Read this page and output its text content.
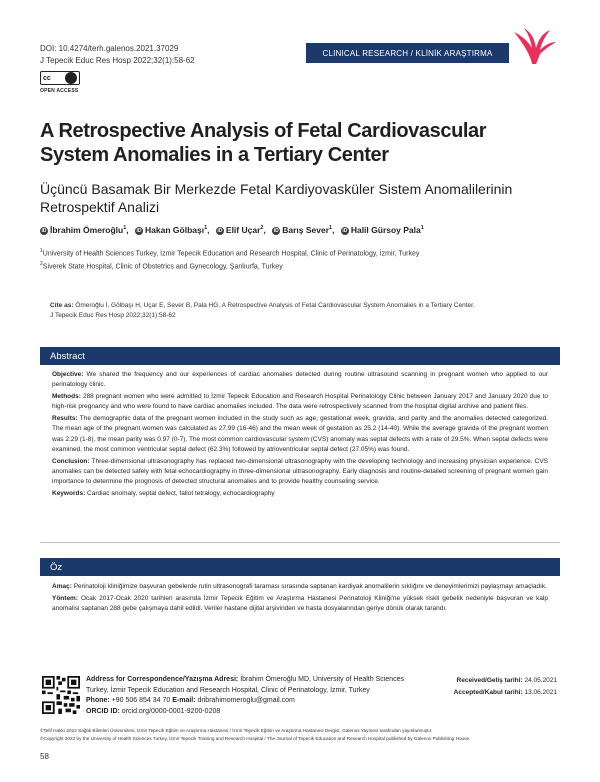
DOI: 10.4274/terh.galenos.2021.37029
J Tepecik Educ Res Hosp 2022;32(1):58-62
cc
OPEN ACCESS
CLINICAL RESEARCH / KLİNİK ARAŞTIRMA
A Retrospective Analysis of Fetal Cardiovascular System Anomalies in a Tertiary Center
Üçüncü Basamak Bir Merkezde Fetal Kardiyovasküler Sistem Anomalilerinin Retrospektif Analizi
iD İbrahim Ömeroğlu$^1$, iD Hakan Gölbaşı$^1$, iD Elif Uçar$^2$, iD Barış Sever$^1$, iD Halil Gürsoy Pala$^1$
$^1$University of Health Sciences Turkey, İzmir Tepecik Education and Research Hospital, Clinic of Perinatology, İzmir, Turkey
$^2$Siverek State Hospital, Clinic of Obstetrics and Gynecology, Şanlıurfa, Turkey
Cite as: Ömeroğlu İ, Gölbaşı H, Uçar E, Sever B, Pala HG. A Retrospective Analysis of Fetal Cardiovascular System Anomalies in a Tertiary Center.
J Tepecik Educ Res Hosp 2022;32(1):58-62
Abstract

Objective: We shared the frequency and our experiences of cardiac anomalies detected during routine ultrasound scanning in pregnant women who applied to our perinatology clinic.

Methods: 288 pregnant women who were admitted to İzmir Tepecik Education and Research Hospital Perinatology Clinic between January 2017 and January 2020 due to high-risk pregnancy and who were found to have cardiac anomalies included. The data were retrospectively scanned from the hospital digital archive and patient files.

Results: The demographic data of the pregnant women included in the study such as age, gestational week, gravida, and parity and the anomalies detected categorized. The mean age of the pregnant women was calculated as 27.99 (16-46) and the mean week of gestation as 25.2 (14-40). While the average gravida of the pregnant women was 2.29 (1-8), the mean parity was 0.97 (0-7). The most common cardiovascular system (CVS) anomaly was septal defects with a rate of 29.5%. When septal defects were examined, the most common ventricular septal defect (62.3%) followed by atrioventricular septal defect (27.05%) was found.

Conclusion: Three-dimensional ultrasonography has replaced two-dimensional ultrasonography with the developing technology and increasing physician experience. CVS anomalies can be detected safely with fetal echocardiography in three-dimensional ultrasonography. Early diagnosis and routine-detailed screening of pregnant women gain importance to determine the prognosis of detected structural anomalies and to provide healthy counseling service.

Keywords: Cardiac anomaly, septal defect, fallot tetralogy, echocardiography

Öz

Amaç: Perinatoloji kliniğimize başvuran gebelerde rutin ultrasonografi taraması sırasında saptanan kardiyak anomalilerin sıklığını ve deneyimlerimizi paylaşmayı amaçladık.

Yöntem: Ocak 2017-Ocak 2020 tarihleri arasında İzmir Tepecik Eğitim ve Araştırma Hastanesi Perinatoloji Kliniği'ne yüksek riskli gebelik nedeniyle başvuran ve kalp anomalisi saptanan 288 gebe çalışmaya dahil edildi. Veriler hastane dijital arşivinden ve hasta dosyalarından geriye dönük olarak tarandı.

Address for Correspondence/Yazışma Adresi: İbrahim Ömeroğlu MD, University of Health Sciences Turkey, İzmir Tepecik Education and Research Hospital, Clinic of Perinatology, İzmir, Turkey
Phone: +90 506 854 34 70 E-mail: dribrahimomeroglu@gmail.com
ORCID ID: orcid.org/0000-0001-9200-0208
Received/Geliş tarihi: 24.05.2021
Accepted/Kabul tarihi: 13.06.2021
©Telif Hakkı 2022 Sağlık Bilimleri Üniversitesi, İzmir Tepecik Eğitim ve Araştırma Hastanesi / İzmir Tepecik Eğitim ve Araştırma Hastanesi Dergisi, Galenos Yayınevi tarafından yayınlanmıştır.
©Copyright 2022 by the University of Health Sciences Turkey, İzmir Tepecik Training and Research Hospital / The Journal of Tepecik Education and Research Hospital published by Galenos Publishing House.
58
